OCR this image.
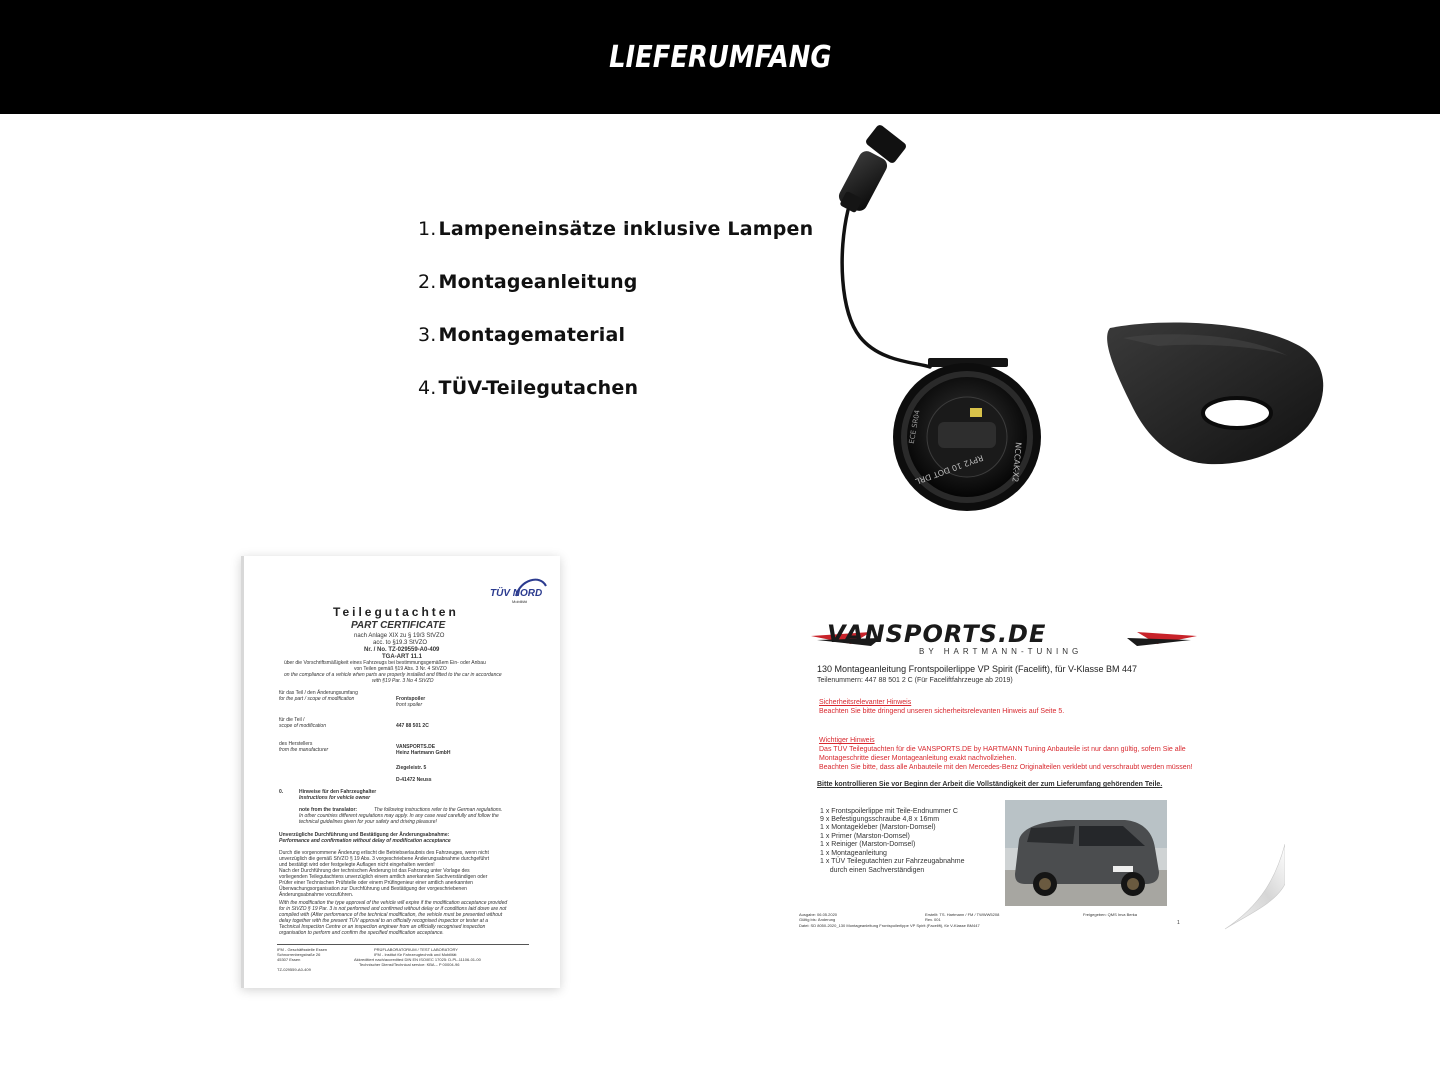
LIEFERUMFANG
1. Lampeneinsätze inklusive Lampen
2. Montageanleitung
3. Montagematerial
4. TÜV-Teilegutachen
RPY2 10 DOT DRL	NCCAK-X2
ECE SR04
TÜV NORD
Mobilität
Teilegutachten
PART CERTIFICATE
nach Anlage XIX zu § 19/3 StVZO
acc. to §19.3 StVZO
Nr. / No. TZ-029559-A0-409
TGA-ART 11.1
über die Vorschriftsmäßigkeit eines Fahrzeugs bei bestimmungsgemäßem Ein- oder Anbau
von Teilen gemäß §19 Abs. 3 Nr. 4 StVZO
on the compliance of a vehicle when parts are properly installed and fitted to the car in accordance
with §19 Par. 3 No 4 StVZO
für das Teil / den Änderungsumfang
for the part / scope of modification	Frontspoiler
front spoiler
für die Teil /
scope of modification	447 88 501 2C
des Herstellers
from the manufacturer	VANSPORTS.DE
Heinz Hartmann GmbH
Ziegeleistr. 5
D-41472 Neuss
0.	Hinweise für den Fahrzeughalter
Instructions for vehicle owner
note from the translator:	The following instructions refer to the German regulations.
In other countries different regulations may apply. In any case read carefully and follow the
technical guidelines given for your safety and driving pleasure!
Unverzügliche Durchführung und Bestätigung der Änderungsabnahme:
Performance and confirmation without delay of modification acceptance
Durch die vorgenommene Änderung erlischt die Betriebserlaubnis des Fahrzeuges, wenn nicht
unverzüglich die gemäß StVZO § 19 Abs. 3 vorgeschriebene Änderungsabnahme durchgeführt
und bestätigt wird oder festgelegte Auflagen nicht eingehalten werden!
Nach der Durchführung der technischen Änderung ist das Fahrzeug unter Vorlage des
vorliegenden Teilegutachtens unverzüglich einem amtlich anerkannten Sachverständigen oder
Prüfer einer Technischen Prüfstelle oder einem Prüfingenieur einer amtlich anerkannten
Überwachungsorganisation zur Durchführung und Bestätigung der vorgeschriebenen
Änderungsabnahme vorzuführen.
With the modification the type approval of the vehicle will expire if the modification acceptance provided
for in StVZO § 19 Par. 3 is not performed and confirmed without delay or if conditions laid down are not
complied with (After performance of the technical modification, the vehicle must be presented without
delay together with the present TÜV approval to an officially recognised inspector or tester at a
Technical Inspection Centre or an inspection engineer from an officially recognised inspection
organisation to perform and confirm the specified modification acceptance.
IFM - Geschäftsstelle Essen
Schnorrenbergstraße 26
45307 Essen
PRÜFLABORATORIUM / TEST LABORATORY
IFM - Institut für Fahrzeugtechnik und Mobilität
Akkreditiert nach/accredited DIN EN ISO/IEC 17025: D-PL-11106-01-00
Technischer Dienst/Technical service: KBA – P 00004-96
TZ-029559-A0-409
VANSPORTS.DE
BY HARTMANN-TUNING
130 Montageanleitung Frontspoilerlippe VP Spirit (Facelift), für V-Klasse BM 447
Teilenummern: 447 88 501 2 C (Für Faceliftfahrzeuge ab 2019)
Sicherheitsrelevanter Hinweis
Beachten Sie bitte dringend unseren sicherheitsrelevanten Hinweis auf Seite 5.
Wichtiger Hinweis
Das TÜV Teilegutachten für die VANSPORTS.DE by HARTMANN Tuning Anbauteile ist nur dann gültig, sofern Sie alle
Montageschritte dieser Montageanleitung exakt nachvollziehen.
Beachten Sie bitte, dass alle Anbauteile mit den Mercedes-Benz Originalteilen verklebt und verschraubt werden müssen!
Bitte kontrollieren Sie vor Beginn der Arbeit die Vollständigkeit der zum Lieferumfang gehörenden Teile.
1 x Frontspoilerlippe mit Teile-Endnummer C
9 x Befestigungsschraube 4,8 x 16mm
1 x Montagekleber (Marston-Domsel)
1 x Primer (Marston-Domsel)
1 x Reiniger (Marston-Domsel)
1 x Montageanleitung
1 x TÜV Teilegutachten zur Fahrzeugabnahme
durch einen Sachverständigen
Ausgabe: 06.05.2020
Gültig bis: Änderung
Datei: SD 8050-2020_130 Montageanleitung Frontspoilerlippe VP Spirit (Facelift), für V-Klasse BM447
Erstellt: TS. Hartmann / FM / TWWW5208
Rev. 001
Freigegeben: QMS Inva Berka
1
